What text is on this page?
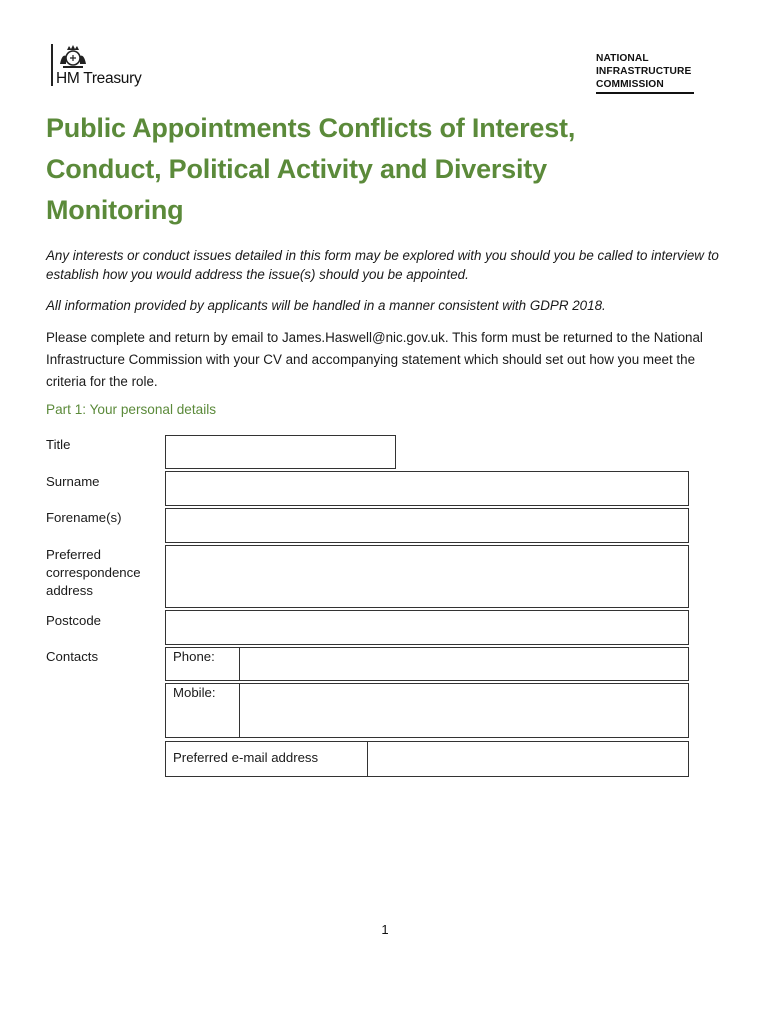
HM Treasury
NATIONAL
INFRASTRUCTURE
COMMISSION
Public Appointments Conflicts of Interest,
Conduct, Political Activity and Diversity
Monitoring
Any interests or conduct issues detailed in this form may be explored with you should you be called to interview to establish how you would address the issue(s) should you be appointed.
All information provided by applicants will be handled in a manner consistent with GDPR 2018.
Please complete and return by email to James.Haswell@nic.gov.uk. This form must be returned to the National Infrastructure Commission with your CV and accompanying statement which should set out how you meet the criteria for the role.
Part 1: Your personal details
Title
Surname
Forename(s)
Preferred correspondence address
Postcode
Contacts	Phone:
Mobile:
Preferred e-mail address
1
